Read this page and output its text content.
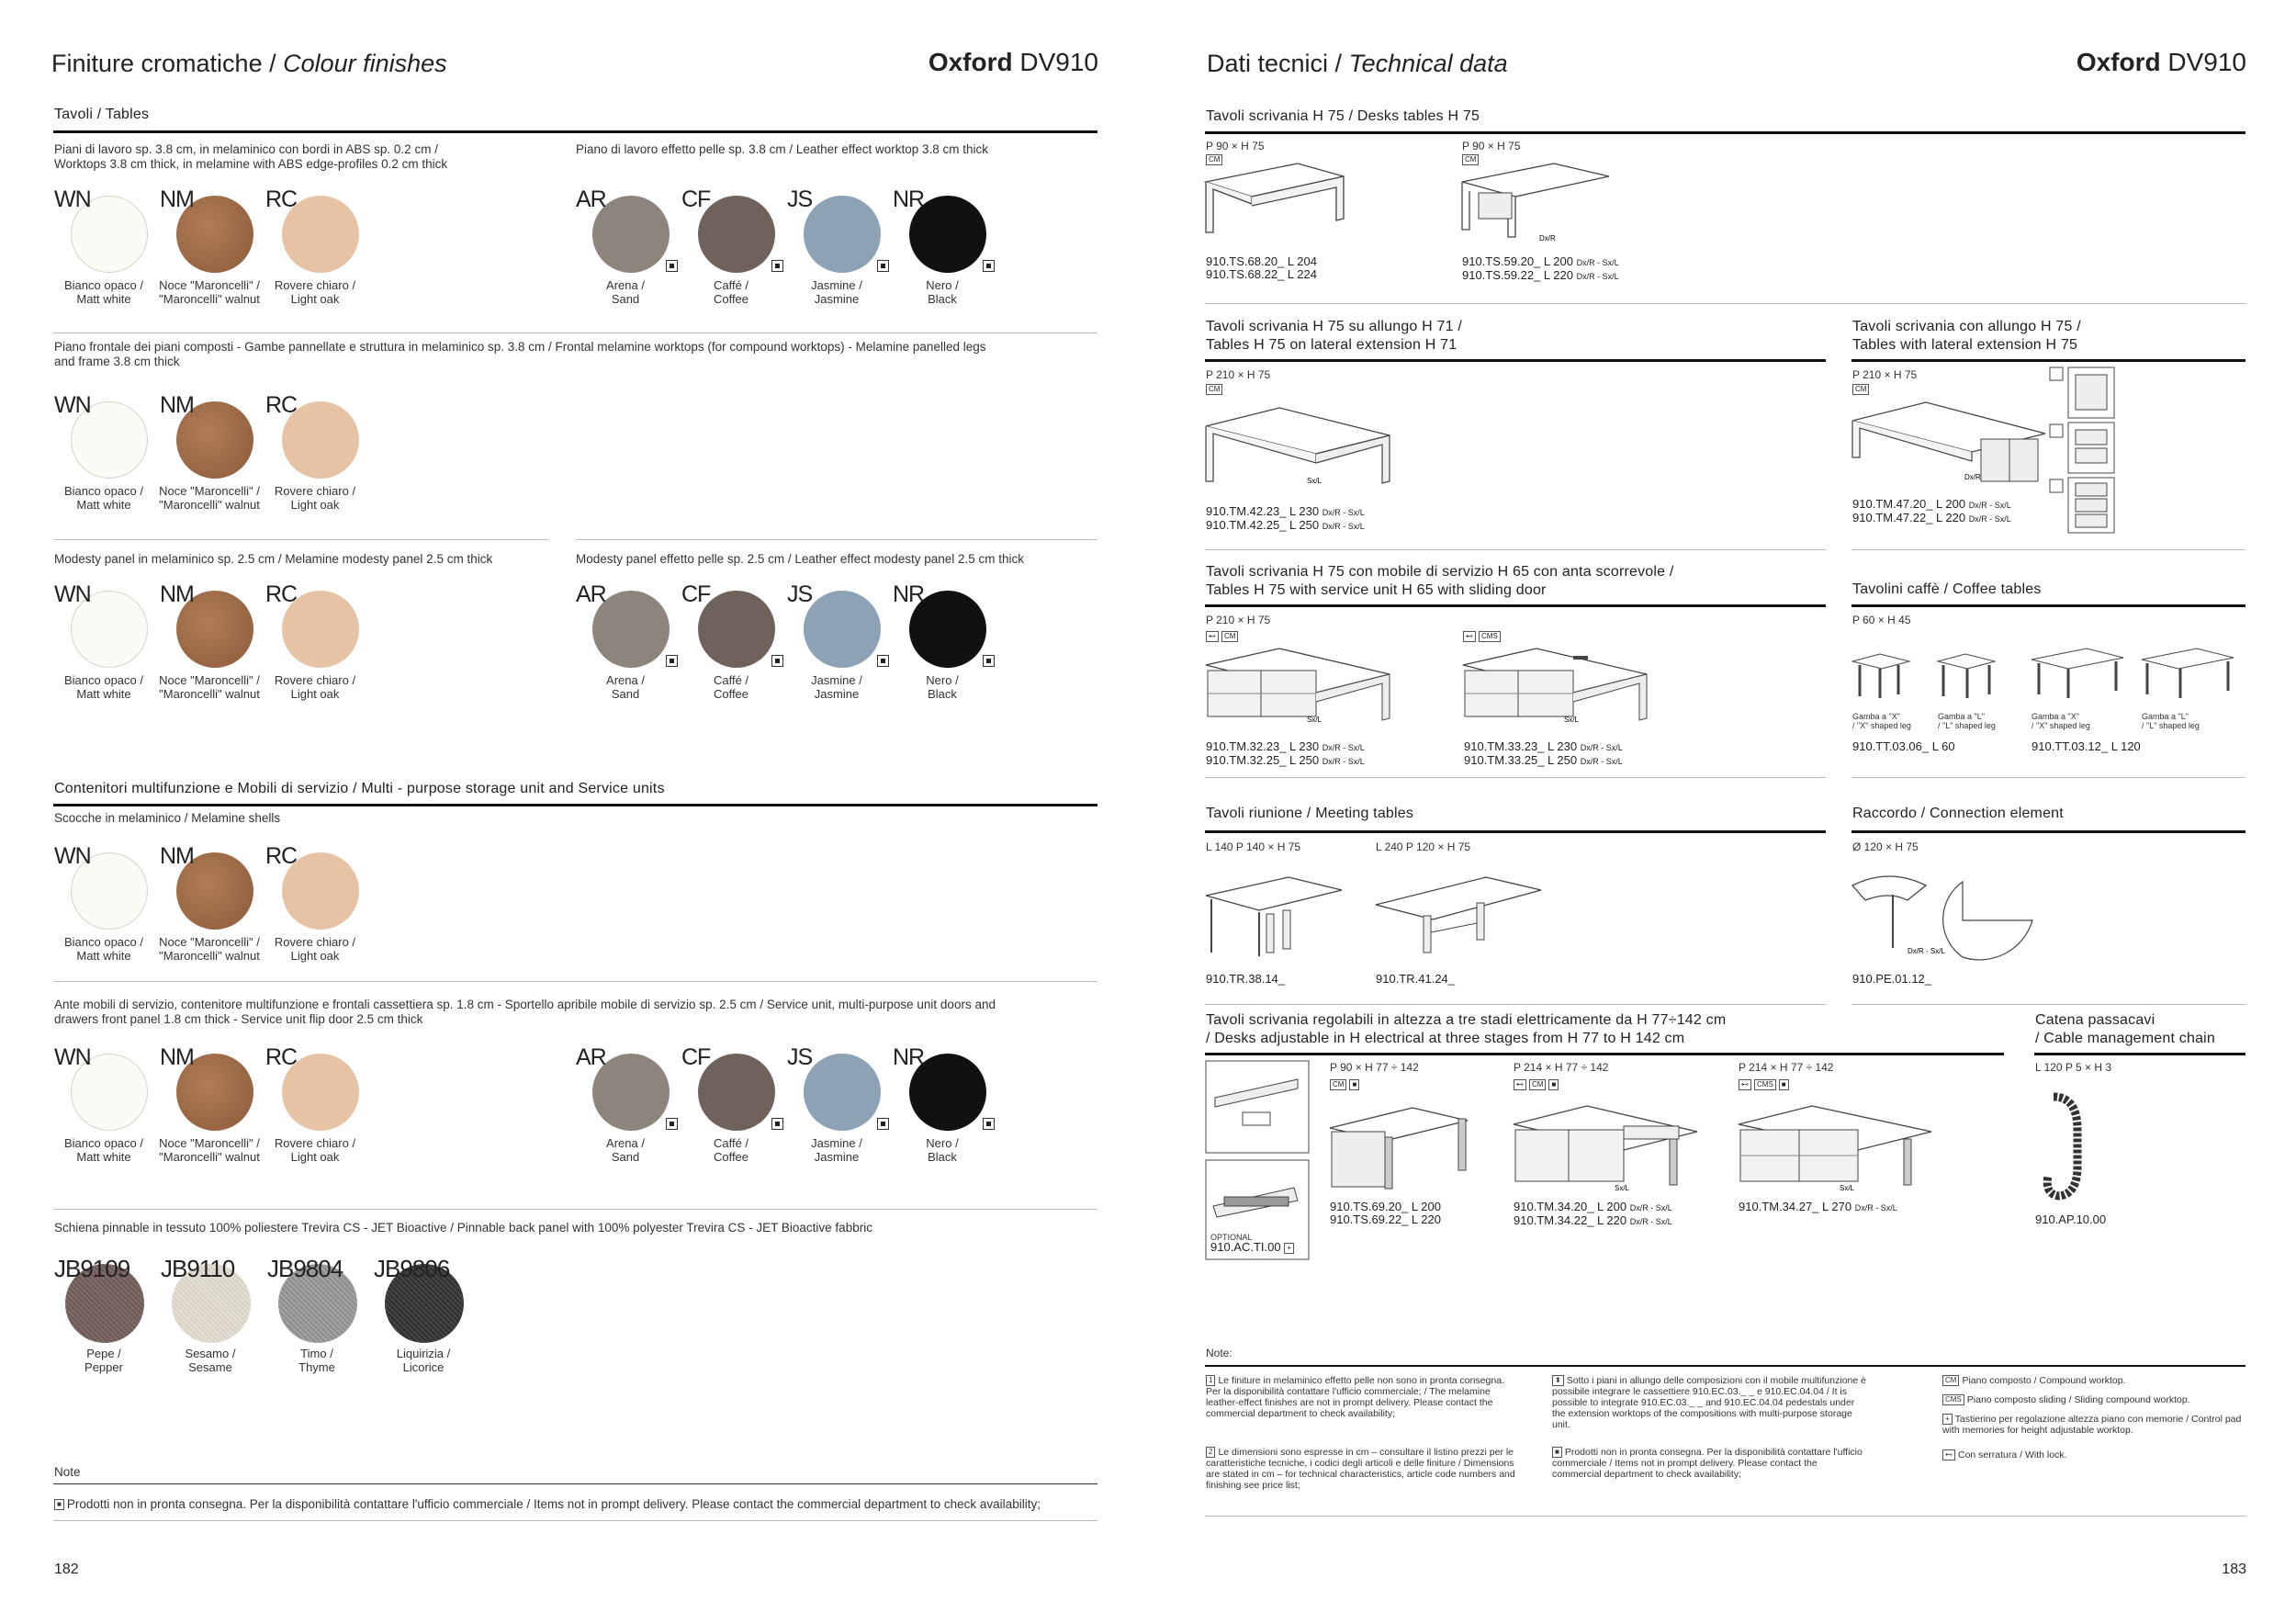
Finiture cromatiche / Colour finishes	Oxford DV910
Tavoli / Tables
Piani di lavoro sp. 3.8 cm, in melaminico con bordi in ABS sp. 0.2 cm /
Worktops 3.8 cm thick, in melamine with ABS edge-profiles 0.2 cm thick
Piano di lavoro effetto pelle sp. 3.8 cm / Leather effect worktop 3.8 cm thick
WN
Bianco opaco /
Matt white
NM
Noce "Maroncelli" /
"Maroncelli" walnut
RC
Rovere chiaro /
Light oak
AR
Arena /
Sand
CF
Caffé /
Coffee
JS
Jasmine /
Jasmine
NR
Nero /
Black
Piano frontale dei piani composti - Gambe pannellate e struttura in melaminico sp. 3.8 cm / Frontal melamine worktops (for compound worktops) - Melamine panelled legs
and frame 3.8 cm thick
WN
Bianco opaco /
Matt white
NM
Noce "Maroncelli" /
"Maroncelli" walnut
RC
Rovere chiaro /
Light oak
Modesty panel in melaminico sp. 2.5 cm / Melamine modesty panel 2.5 cm thick	Modesty panel effetto pelle sp. 2.5 cm / Leather effect modesty panel 2.5 cm thick
WN
Bianco opaco /
Matt white
NM
Noce "Maroncelli" /
"Maroncelli" walnut
RC
Rovere chiaro /
Light oak
AR
Arena /
Sand
CF
Caffé /
Coffee
JS
Jasmine /
Jasmine
NR
Nero /
Black
Contenitori multifunzione e Mobili di servizio / Multi - purpose storage unit and Service units
Scocche in melaminico / Melamine shells
WN
Bianco opaco /
Matt white
NM
Noce "Maroncelli" /
"Maroncelli" walnut
RC
Rovere chiaro /
Light oak
Ante mobili di servizio, contenitore multifunzione e frontali cassettiera sp. 1.8 cm - Sportello apribile mobile di servizio sp. 2.5 cm / Service unit, multi-purpose unit doors and
drawers front panel 1.8 cm thick - Service unit flip door 2.5 cm thick
WN
Bianco opaco /
Matt white
NM
Noce "Maroncelli" /
"Maroncelli" walnut
RC
Rovere chiaro /
Light oak
AR
Arena /
Sand
CF
Caffé /
Coffee
JS
Jasmine /
Jasmine
NR
Nero /
Black
Schiena pinnable in tessuto 100% poliestere Trevira CS - JET Bioactive / Pinnable back panel with 100% polyester Trevira CS - JET Bioactive fabbric
JB9109
Pepe /
Pepper
JB9110
Sesamo /
Sesame
JB9804
Timo /
Thyme
JB9806
Liquirizia /
Licorice
Note
■ Prodotti non in pronta consegna. Per la disponibilità contattare l'ufficio commerciale / Items not in prompt delivery. Please contact the commercial department to check availability;
182
Dati tecnici / Technical data	Oxford DV910
Tavoli scrivania H 75 / Desks tables H 75
P 90 × H 75
CM
910.TS.68.20_ L 204
910.TS.68.22_ L 224
P 90 × H 75
CM
Dx/R
910.TS.59.20_ L 200 Dx/R - Sx/L
910.TS.59.22_ L 220 Dx/R - Sx/L
Tavoli scrivania H 75 su allungo H 71 /
Tables H 75 on lateral extension H 71
P 210 × H 75
CM
Sx/L
910.TM.42.23_ L 230 Dx/R - Sx/L
910.TM.42.25_ L 250 Dx/R - Sx/L
Tavoli scrivania con allungo H 75 /
Tables with lateral extension H 75
P 210 × H 75
CM
Dx/R
910.TM.47.20_ L 200 Dx/R - Sx/L
910.TM.47.22_ L 220 Dx/R - Sx/L
Tavoli scrivania H 75 con mobile di servizio H 65 con anta scorrevole /
Tables H 75 with service unit H 65 with sliding door
P 210 × H 75
⊷ CM
Sx/L
910.TM.32.23_ L 230 Dx/R - Sx/L
910.TM.32.25_ L 250 Dx/R - Sx/L
⊷ CMS
Sx/L
910.TM.33.23_ L 230 Dx/R - Sx/L
910.TM.33.25_ L 250 Dx/R - Sx/L
Tavolini caffè / Coffee tables
P 60 × H 45
Gamba a "X"
/ "X" shaped leg
Gamba a "L"
/ "L" shaped leg
Gamba a "X"
/ "X" shaped leg
Gamba a "L"
/ "L" shaped leg
910.TT.03.06_ L 60	910.TT.03.12_ L 120
Tavoli riunione / Meeting tables
L 140 P 140 × H 75	L 240 P 120 × H 75
910.TR.38.14_	910.TR.41.24_
Raccordo / Connection element
Ø 120 × H 75
Dx/R - Sx/L
910.PE.01.12_
Tavoli scrivania regolabili in altezza a tre stadi elettricamente da H 77÷142 cm
/ Desks adjustable in H electrical at three stages from H 77 to H 142 cm
OPTIONAL
910.AC.TI.00 +
P 90 × H 77 ÷ 142
CM ■
910.TS.69.20_ L 200
910.TS.69.22_ L 220
P 214 × H 77 ÷ 142
⊷ CM ■
Sx/L
910.TM.34.20_ L 200 Dx/R - Sx/L
910.TM.34.22_ L 220 Dx/R - Sx/L
P 214 × H 77 ÷ 142
⊷ CMS ■
Sx/L
910.TM.34.27_ L 270 Dx/R - Sx/L
Catena passacavi
/ Cable management chain
L 120 P 5 × H 3
910.AP.10.00
Note:
1 Le finiture in melaminico effetto pelle non sono in pronta consegna. Per la disponibilità contattare l'ufficio commerciale; / The melamine leather-effect finishes are not in prompt delivery. Please contact the commercial department to check availability;
2 Le dimensioni sono espresse in cm – consultare il listino prezzi per le caratteristiche tecniche, i codici degli articoli e delle finiture / Dimensions are stated in cm – for technical characteristics, article code numbers and finishing see price list;
⬍ Sotto i piani in allungo delle composizioni con il mobile multifunzione è possibile integrare le cassettiere 910.EC.03._ _ e 910.EC.04.04 / It is possible to integrate 910.EC.03._ _ and 910.EC.04.04 pedestals under the extension worktops of the compositions with multi-purpose storage unit.
■ Prodotti non in pronta consegna. Per la disponibilità contattare l'ufficio commerciale / Items not in prompt delivery. Please contact the commercial department to check availability;
CM Piano composto / Compound worktop.
CMS Piano composto sliding / Sliding compound worktop.
+ Tastierino per regolazione altezza piano con memorie / Control pad with memories for height adjustable worktop.
⊷ Con serratura / With lock.
183
